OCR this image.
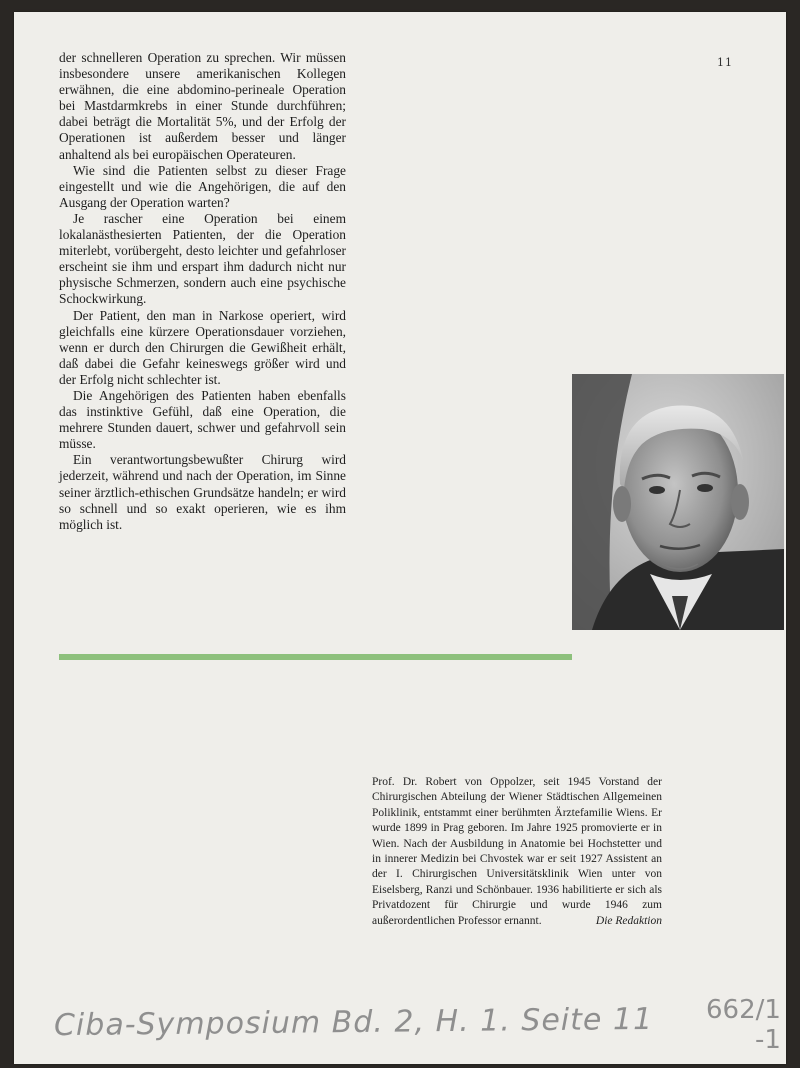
11

der schnelleren Operation zu sprechen. Wir müssen insbesondere unsere amerikanischen Kollegen erwähnen, die eine abdomino-perineale Operation bei Mastdarmkrebs in einer Stunde durchführen; dabei beträgt die Mortalität 5%, und der Erfolg der Operationen ist außerdem besser und länger anhaltend als bei europäischen Operateuren.

Wie sind die Patienten selbst zu dieser Frage eingestellt und wie die Angehörigen, die auf den Ausgang der Operation warten?

Je rascher eine Operation bei einem lokalanästhesierten Patienten, der die Operation miterlebt, vorübergeht, desto leichter und gefahrloser erscheint sie ihm und erspart ihm dadurch nicht nur physische Schmerzen, sondern auch eine psychische Schockwirkung.

Der Patient, den man in Narkose operiert, wird gleichfalls eine kürzere Operationsdauer vorziehen, wenn er durch den Chirurgen die Gewißheit erhält, daß dabei die Gefahr keineswegs größer wird und der Erfolg nicht schlechter ist.

Die Angehörigen des Patienten haben ebenfalls das instinktive Gefühl, daß eine Operation, die mehrere Stunden dauert, schwer und gefahrvoll sein müsse.

Ein verantwortungsbewußter Chirurg wird jederzeit, während und nach der Operation, im Sinne seiner ärztlich-ethischen Grundsätze handeln; er wird so schnell und so exakt operieren, wie es ihm möglich ist.

Prof. Dr. Robert von Oppolzer, seit 1945 Vorstand der Chirurgischen Abteilung der Wiener Städtischen Allgemeinen Poliklinik, entstammt einer berühmten Ärztefamilie Wiens. Er wurde 1899 in Prag geboren. Im Jahre 1925 promovierte er in Wien. Nach der Ausbildung in Anatomie bei Hochstetter und in innerer Medizin bei Chvostek war er seit 1927 Assistent an der I. Chirurgischen Universitätsklinik Wien unter von Eiselsberg, Ranzi und Schönbauer. 1936 habilitierte er sich als Privatdozent für Chirurgie und wurde 1946 zum außerordentlichen Professor ernannt.	Die Redaktion
Ciba-Symposium Bd. 2, H. 1. Seite 11 662/1
-1
